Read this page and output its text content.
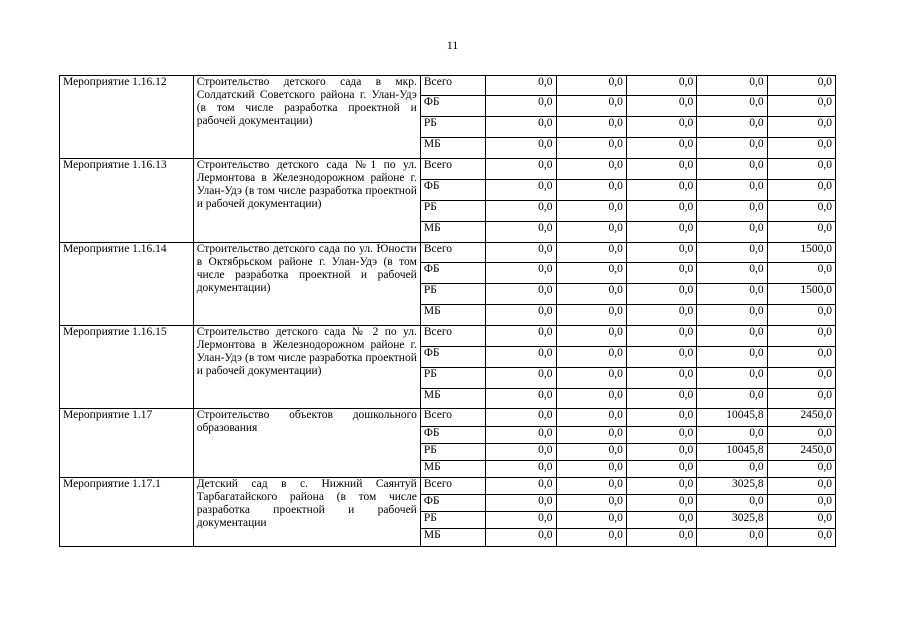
11
Мероприятие 1.16.12	Строительство детского сада в мкр. Солдатский Советского района г. Улан-Удэ (в том числе разработка проектной и рабочей документации)	Всего	0,0	0,0	0,0	0,0	0,0
		ФБ	0,0	0,0	0,0	0,0	0,0
		РБ	0,0	0,0	0,0	0,0	0,0
		МБ	0,0	0,0	0,0	0,0	0,0
Мероприятие 1.16.13	Строительство детского сада №1 по ул. Лермонтова в Железнодорожном районе г. Улан-Удэ (в том числе разработка проектной и рабочей документации)	Всего	0,0	0,0	0,0	0,0	0,0
		ФБ	0,0	0,0	0,0	0,0	0,0
		РБ	0,0	0,0	0,0	0,0	0,0
		МБ	0,0	0,0	0,0	0,0	0,0
Мероприятие 1.16.14	Строительство детского сада по ул. Юности в Октябрьском районе г. Улан-Удэ (в том числе разработка проектной и рабочей документации)	Всего	0,0	0,0	0,0	0,0	1500,0
		ФБ	0,0	0,0	0,0	0,0	0,0
		РБ	0,0	0,0	0,0	0,0	1500,0
		МБ	0,0	0,0	0,0	0,0	0,0
Мероприятие 1.16.15	Строительство детского сада № 2 по ул. Лермонтова в Железнодорожном районе г. Улан-Удэ (в том числе разработка проектной и рабочей документации)	Всего	0,0	0,0	0,0	0,0	0,0
		ФБ	0,0	0,0	0,0	0,0	0,0
		РБ	0,0	0,0	0,0	0,0	0,0
		МБ	0,0	0,0	0,0	0,0	0,0
Мероприятие 1.17	Строительство объектов дошкольного образования	Всего	0,0	0,0	0,0	10045,8	2450,0
		ФБ	0,0	0,0	0,0	0,0	0,0
		РБ	0,0	0,0	0,0	10045,8	2450,0
		МБ	0,0	0,0	0,0	0,0	0,0
Мероприятие 1.17.1	Детский сад в с. Нижний Саянтуй Тарбагатайского района (в том числе разработка проектной и рабочей документации	Всего	0,0	0,0	0,0	3025,8	0,0
		ФБ	0,0	0,0	0,0	0,0	0,0
		РБ	0,0	0,0	0,0	3025,8	0,0
		МБ	0,0	0,0	0,0	0,0	0,0
